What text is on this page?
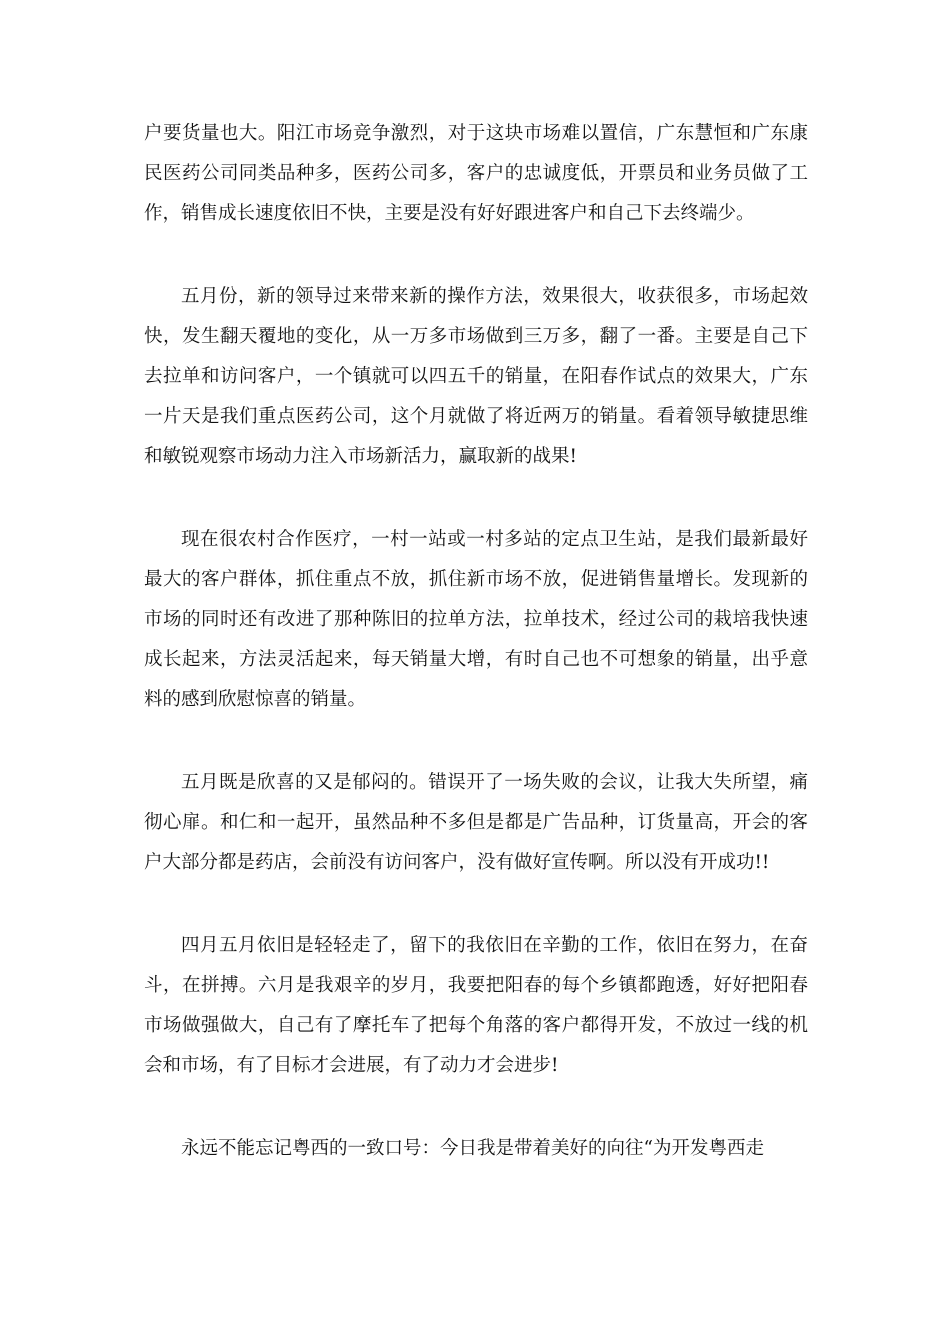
户要货量也大。阳江市场竞争激烈，对于这块市场难以置信，广东慧恒和广东康民医药公司同类品种多，医药公司多，客户的忠诚度低，开票员和业务员做了工作，销售成长速度依旧不快，主要是没有好好跟进客户和自己下去终端少。

五月份，新的领导过来带来新的操作方法，效果很大，收获很多，市场起效快，发生翻天覆地的变化，从一万多市场做到三万多，翻了一番。主要是自己下去拉单和访问客户，一个镇就可以四五千的销量，在阳春作试点的效果大，广东一片天是我们重点医药公司，这个月就做了将近两万的销量。看着领导敏捷思维和敏锐观察市场动力注入市场新活力，赢取新的战果!

现在很农村合作医疗，一村一站或一村多站的定点卫生站，是我们最新最好最大的客户群体，抓住重点不放，抓住新市场不放，促进销售量增长。发现新的市场的同时还有改进了那种陈旧的拉单方法，拉单技术，经过公司的栽培我快速成长起来，方法灵活起来，每天销量大增，有时自己也不可想象的销量，出乎意料的感到欣慰惊喜的销量。

五月既是欣喜的又是郁闷的。错误开了一场失败的会议，让我大失所望，痛彻心扉。和仁和一起开，虽然品种不多但是都是广告品种，订货量高，开会的客户大部分都是药店，会前没有访问客户，没有做好宣传啊。所以没有开成功!!

四月五月依旧是轻轻走了，留下的我依旧在辛勤的工作，依旧在努力，在奋斗，在拼搏。六月是我艰辛的岁月，我要把阳春的每个乡镇都跑透，好好把阳春市场做强做大，自己有了摩托车了把每个角落的客户都得开发，不放过一线的机会和市场，有了目标才会进展，有了动力才会进步!

永远不能忘记粤西的一致口号：今日我是带着美好的向往“为开发粤西走
